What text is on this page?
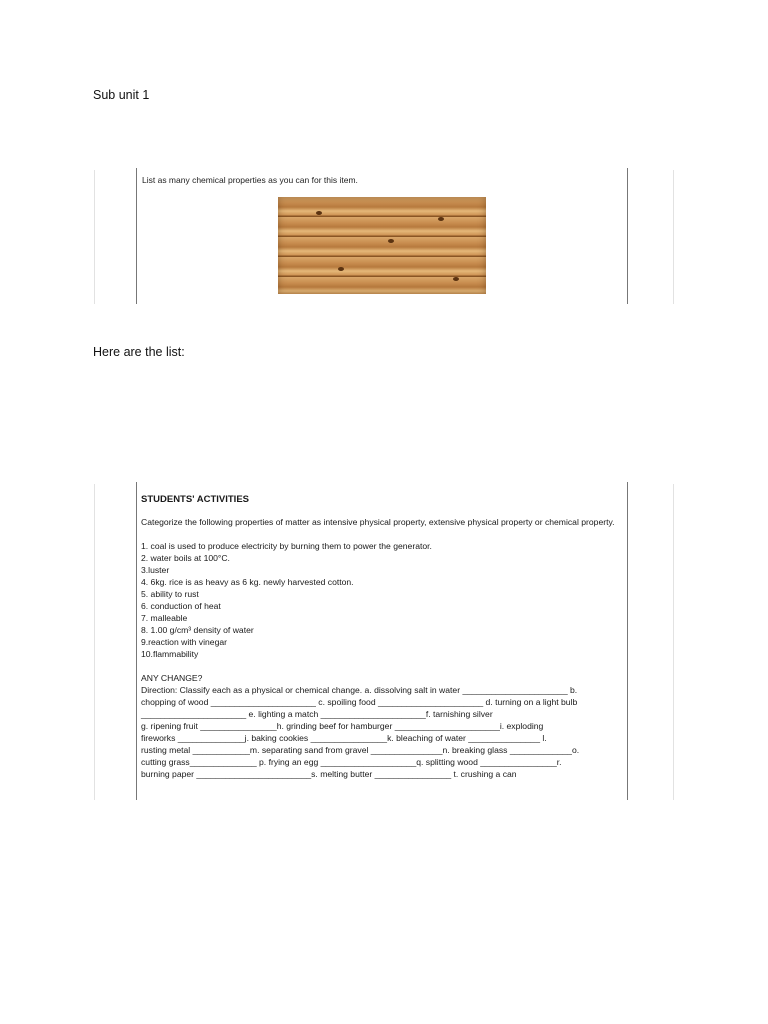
Sub unit 1
List as many chemical properties as you can for this item.
Here are the list:
STUDENTS' ACTIVITIES
Categorize the following properties of matter as intensive physical property, extensive physical property or chemical property.
1. coal is used to produce electricity by burning them to power the generator.
2. water boils at 100°C.
3.luster
4. 6kg. rice is as heavy as 6 kg. newly harvested cotton.
5. ability to rust
6. conduction of heat
7. malleable
8. 1.00 g/cm³ density of water
9.reaction with vinegar
10.flammability
ANY CHANGE?
Direction: Classify each as a physical or chemical change. a. dissolving salt in water ______________________ b.
chopping of wood ______________________ c. spoiling food ______________________ d. turning on a light bulb
______________________ e. lighting a match ______________________f. tarnishing silver
g. ripening fruit ________________h. grinding beef for hamburger ______________________i. exploding
fireworks ______________j. baking cookies ________________k. bleaching of water _______________ l.
rusting metal ____________m. separating sand from gravel _______________n. breaking glass _____________o.
cutting grass______________ p. frying an egg ____________________q. splitting wood ________________r.
burning paper ________________________s. melting butter ________________ t. crushing a can
